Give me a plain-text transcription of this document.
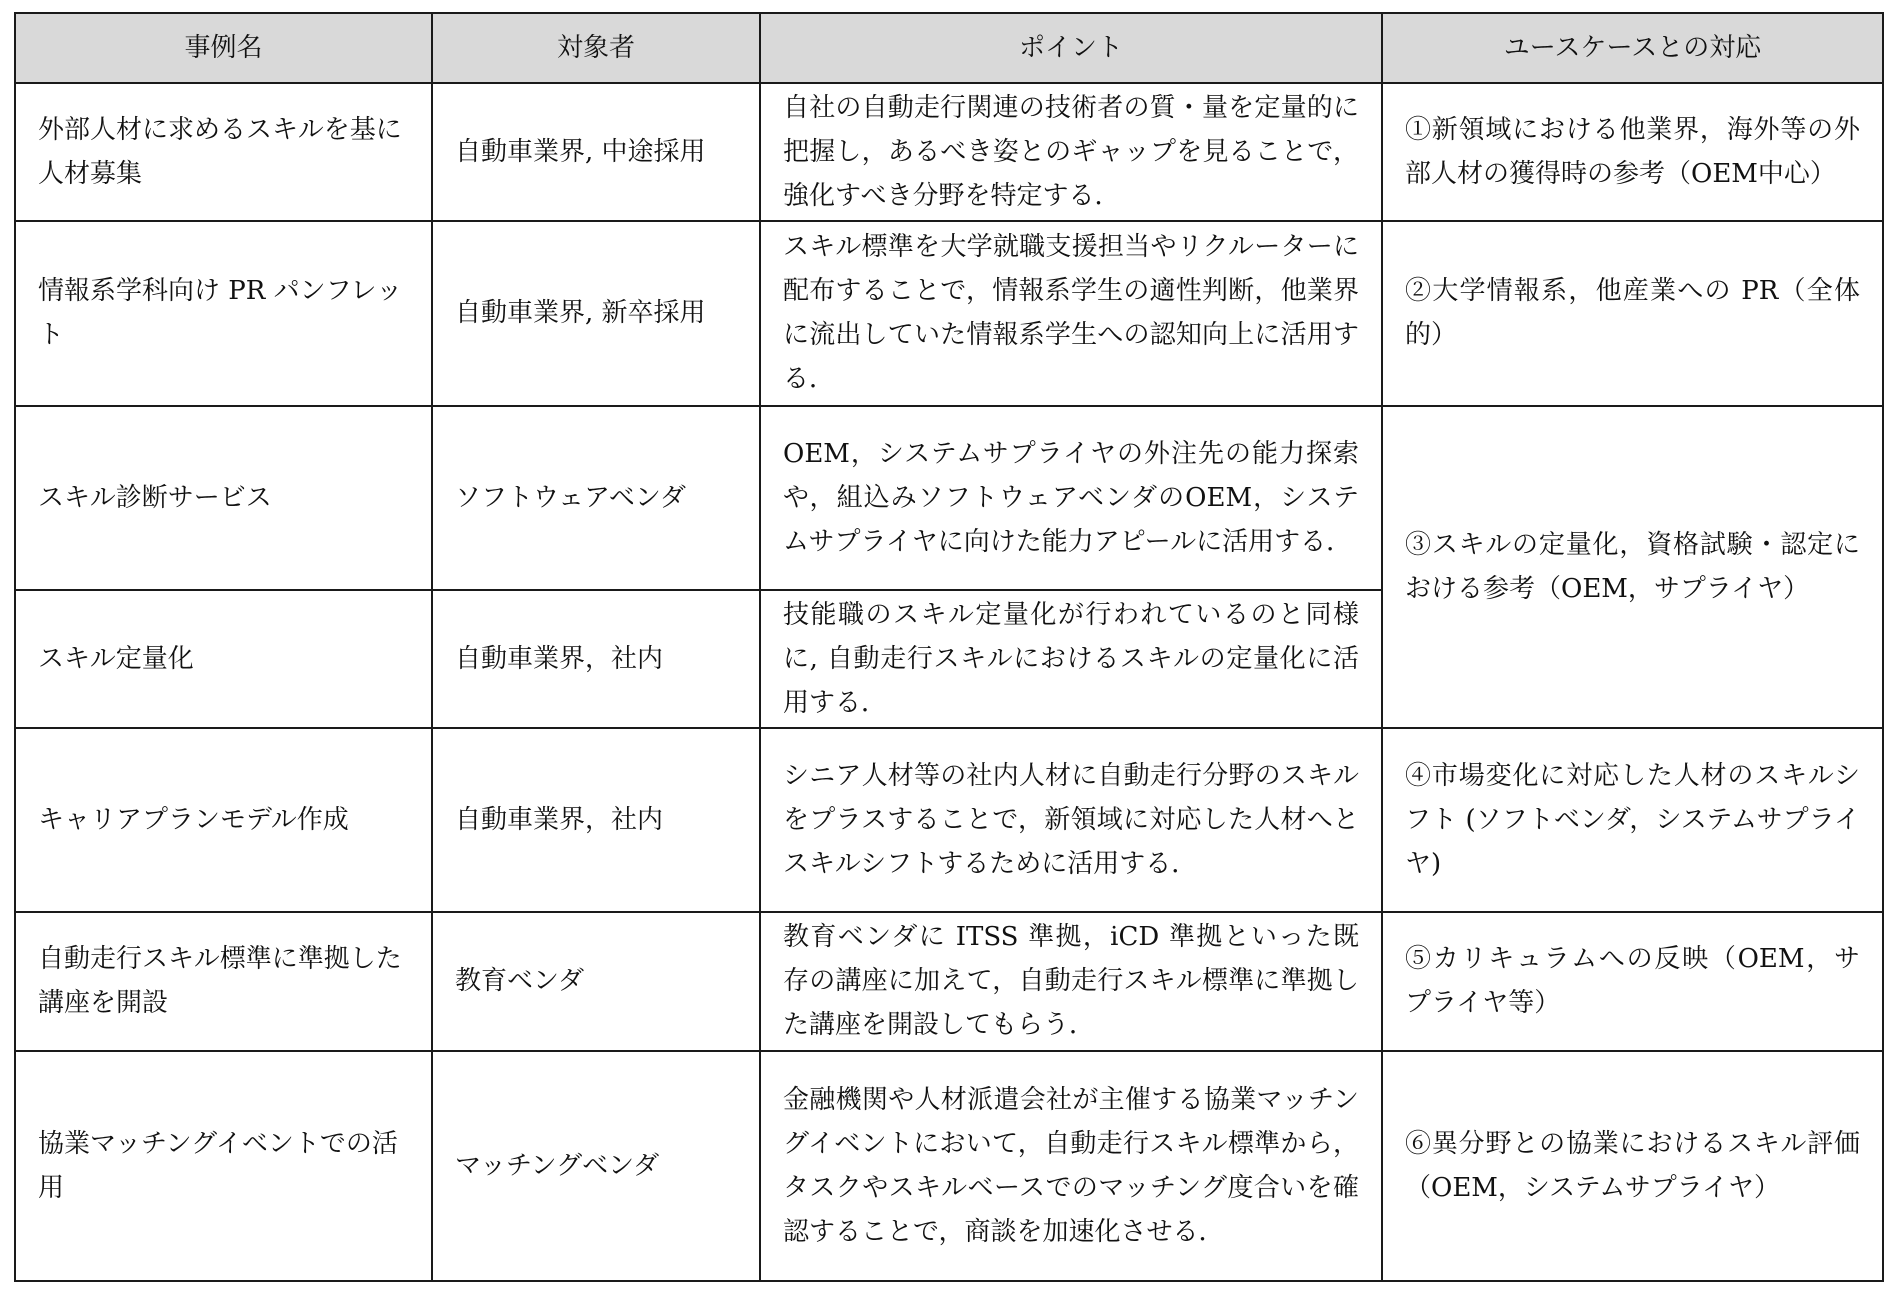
事例名	対象者	ポイント	ユースケースとの対応
外部人材に求めるスキルを基に人材募集	自動車業界, 中途採用	自社の自動走行関連の技術者の質・量を定量的に把握し，あるべき姿とのギャップを見ることで，強化すべき分野を特定する．	①新領域における他業界，海外等の外部人材の獲得時の参考（OEM中心）
情報系学科向け PR パンフレット	自動車業界, 新卒採用	スキル標準を大学就職支援担当やリクルーターに配布することで，情報系学生の適性判断，他業界に流出していた情報系学生への認知向上に活用する．	②大学情報系，他産業への PR（全体的）
スキル診断サービス	ソフトウェアベンダ	OEM，システムサプライヤの外注先の能力探索や，組込みソフトウェアベンダのOEM，システムサプライヤに向けた能力アピールに活用する．	③スキルの定量化，資格試験・認定における参考（OEM，サプライヤ）
スキル定量化	自動車業界，社内	技能職のスキル定量化が行われているのと同様に, 自動走行スキルにおけるスキルの定量化に活用する．	
キャリアプランモデル作成	自動車業界，社内	シニア人材等の社内人材に自動走行分野のスキルをプラスすることで，新領域に対応した人材へとスキルシフトするために活用する．	④市場変化に対応した人材のスキルシフト (ソフトベンダ，システムサプライヤ)
自動走行スキル標準に準拠した講座を開設	教育ベンダ	教育ベンダに ITSS 準拠，iCD 準拠といった既存の講座に加えて，自動走行スキル標準に準拠した講座を開設してもらう．	⑤カリキュラムへの反映（OEM，サプライヤ等）
協業マッチングイベントでの活用	マッチングベンダ	金融機関や人材派遣会社が主催する協業マッチングイベントにおいて，自動走行スキル標準から，タスクやスキルベースでのマッチング度合いを確認することで，商談を加速化させる．	⑥異分野との協業におけるスキル評価（OEM，システムサプライヤ）
